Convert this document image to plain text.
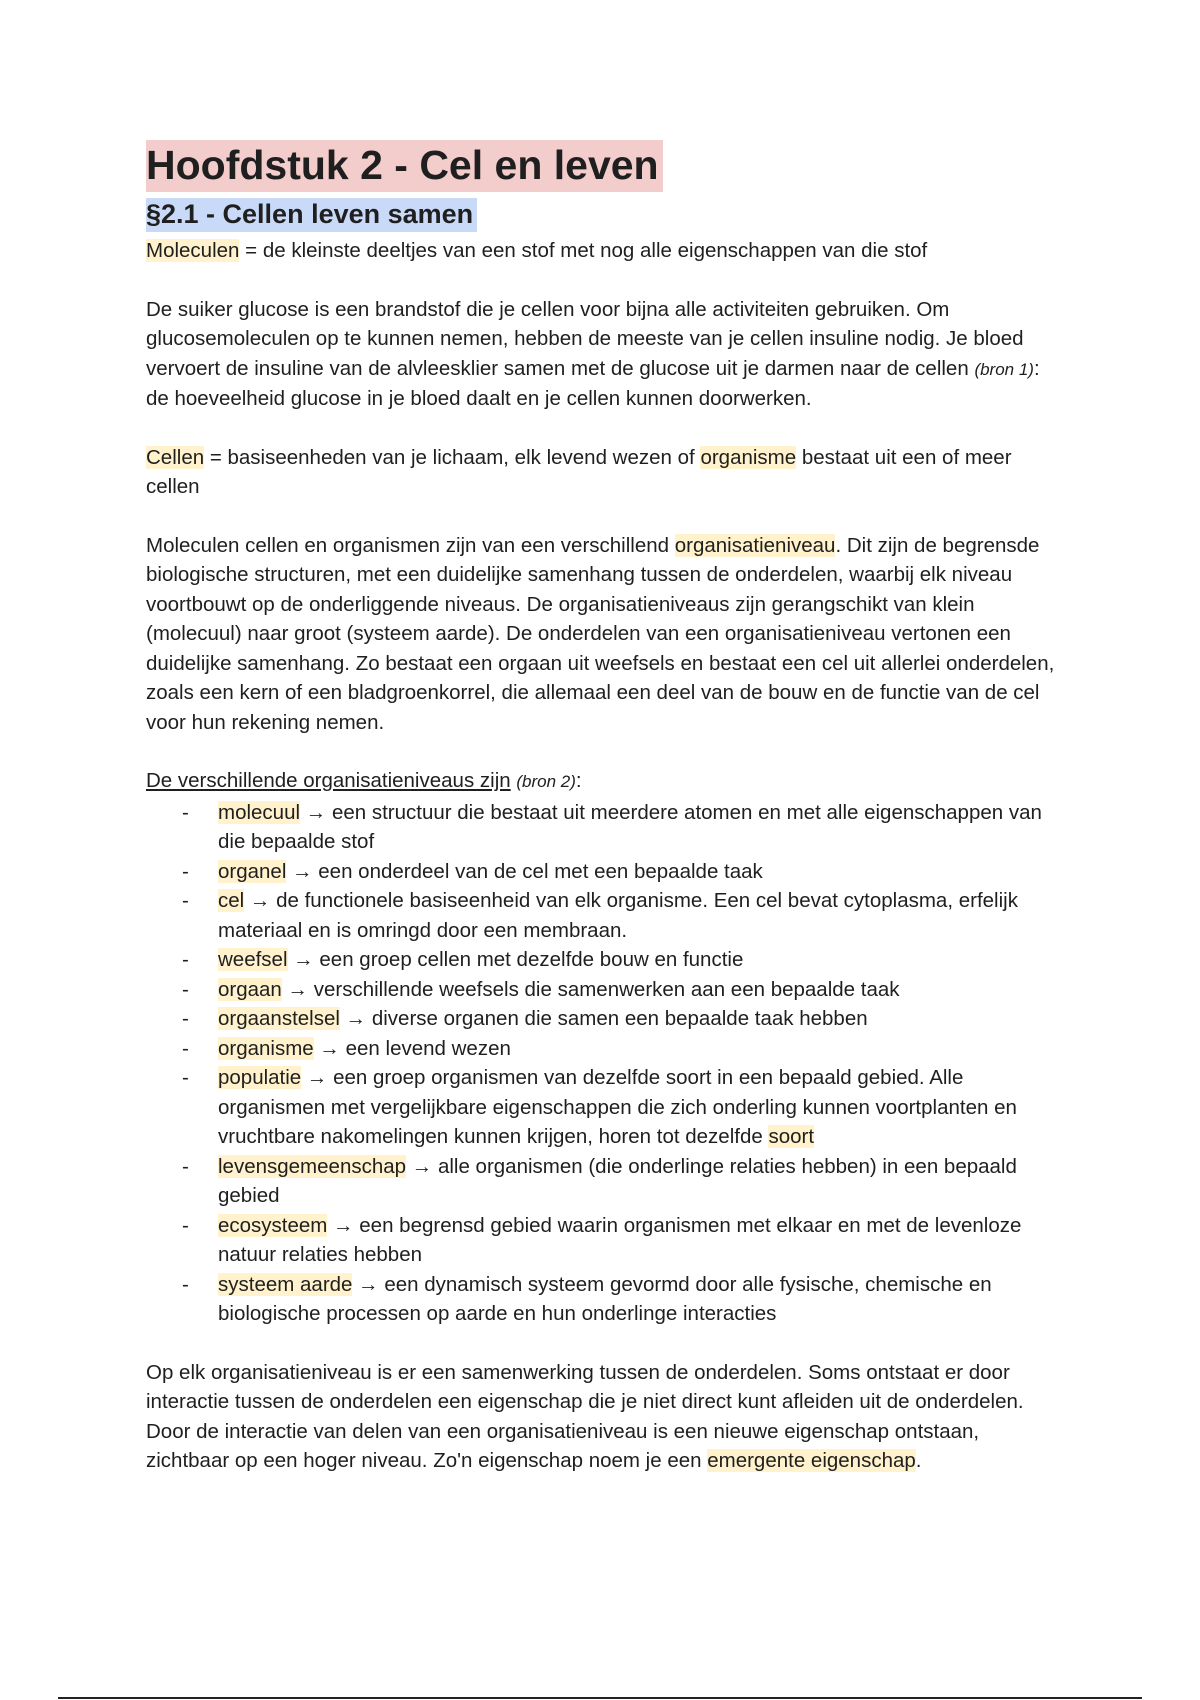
Hoofdstuk 2 - Cel en leven
§2.1 - Cellen leven samen

Moleculen = de kleinste deeltjes van een stof met nog alle eigenschappen van die stof

De suiker glucose is een brandstof die je cellen voor bijna alle activiteiten gebruiken. Om glucosemoleculen op te kunnen nemen, hebben de meeste van je cellen insuline nodig. Je bloed vervoert de insuline van de alvleesklier samen met de glucose uit je darmen naar de cellen (bron 1): de hoeveelheid glucose in je bloed daalt en je cellen kunnen doorwerken.

Cellen = basiseenheden van je lichaam, elk levend wezen of organisme bestaat uit een of meer cellen

Moleculen cellen en organismen zijn van een verschillend organisatieniveau. Dit zijn de begrensde biologische structuren, met een duidelijke samenhang tussen de onderdelen, waarbij elk niveau voortbouwt op de onderliggende niveaus. De organisatieniveaus zijn gerangschikt van klein (molecuul) naar groot (systeem aarde). De onderdelen van een organisatieniveau vertonen een duidelijke samenhang. Zo bestaat een orgaan uit weefsels en bestaat een cel uit allerlei onderdelen, zoals een kern of een bladgroenkorrel, die allemaal een deel van de bouw en de functie van de cel voor hun rekening nemen.

De verschillende organisatieniveaus zijn (bron 2):

- molecuul → een structuur die bestaat uit meerdere atomen en met alle eigenschappen van die bepaalde stof
- organel → een onderdeel van de cel met een bepaalde taak
- cel → de functionele basiseenheid van elk organisme. Een cel bevat cytoplasma, erfelijk materiaal en is omringd door een membraan.
- weefsel → een groep cellen met dezelfde bouw en functie
- orgaan → verschillende weefsels die samenwerken aan een bepaalde taak
- orgaanstelsel → diverse organen die samen een bepaalde taak hebben
- organisme → een levend wezen
- populatie → een groep organismen van dezelfde soort in een bepaald gebied. Alle organismen met vergelijkbare eigenschappen die zich onderling kunnen voortplanten en vruchtbare nakomelingen kunnen krijgen, horen tot dezelfde soort
- levensgemeenschap → alle organismen (die onderlinge relaties hebben) in een bepaald gebied
- ecosysteem → een begrensd gebied waarin organismen met elkaar en met de levenloze natuur relaties hebben
- systeem aarde → een dynamisch systeem gevormd door alle fysische, chemische en biologische processen op aarde en hun onderlinge interacties

Op elk organisatieniveau is er een samenwerking tussen de onderdelen. Soms ontstaat er door interactie tussen de onderdelen een eigenschap die je niet direct kunt afleiden uit de onderdelen. Door de interactie van delen van een organisatieniveau is een nieuwe eigenschap ontstaan, zichtbaar op een hoger niveau. Zo'n eigenschap noem je een emergente eigenschap.
